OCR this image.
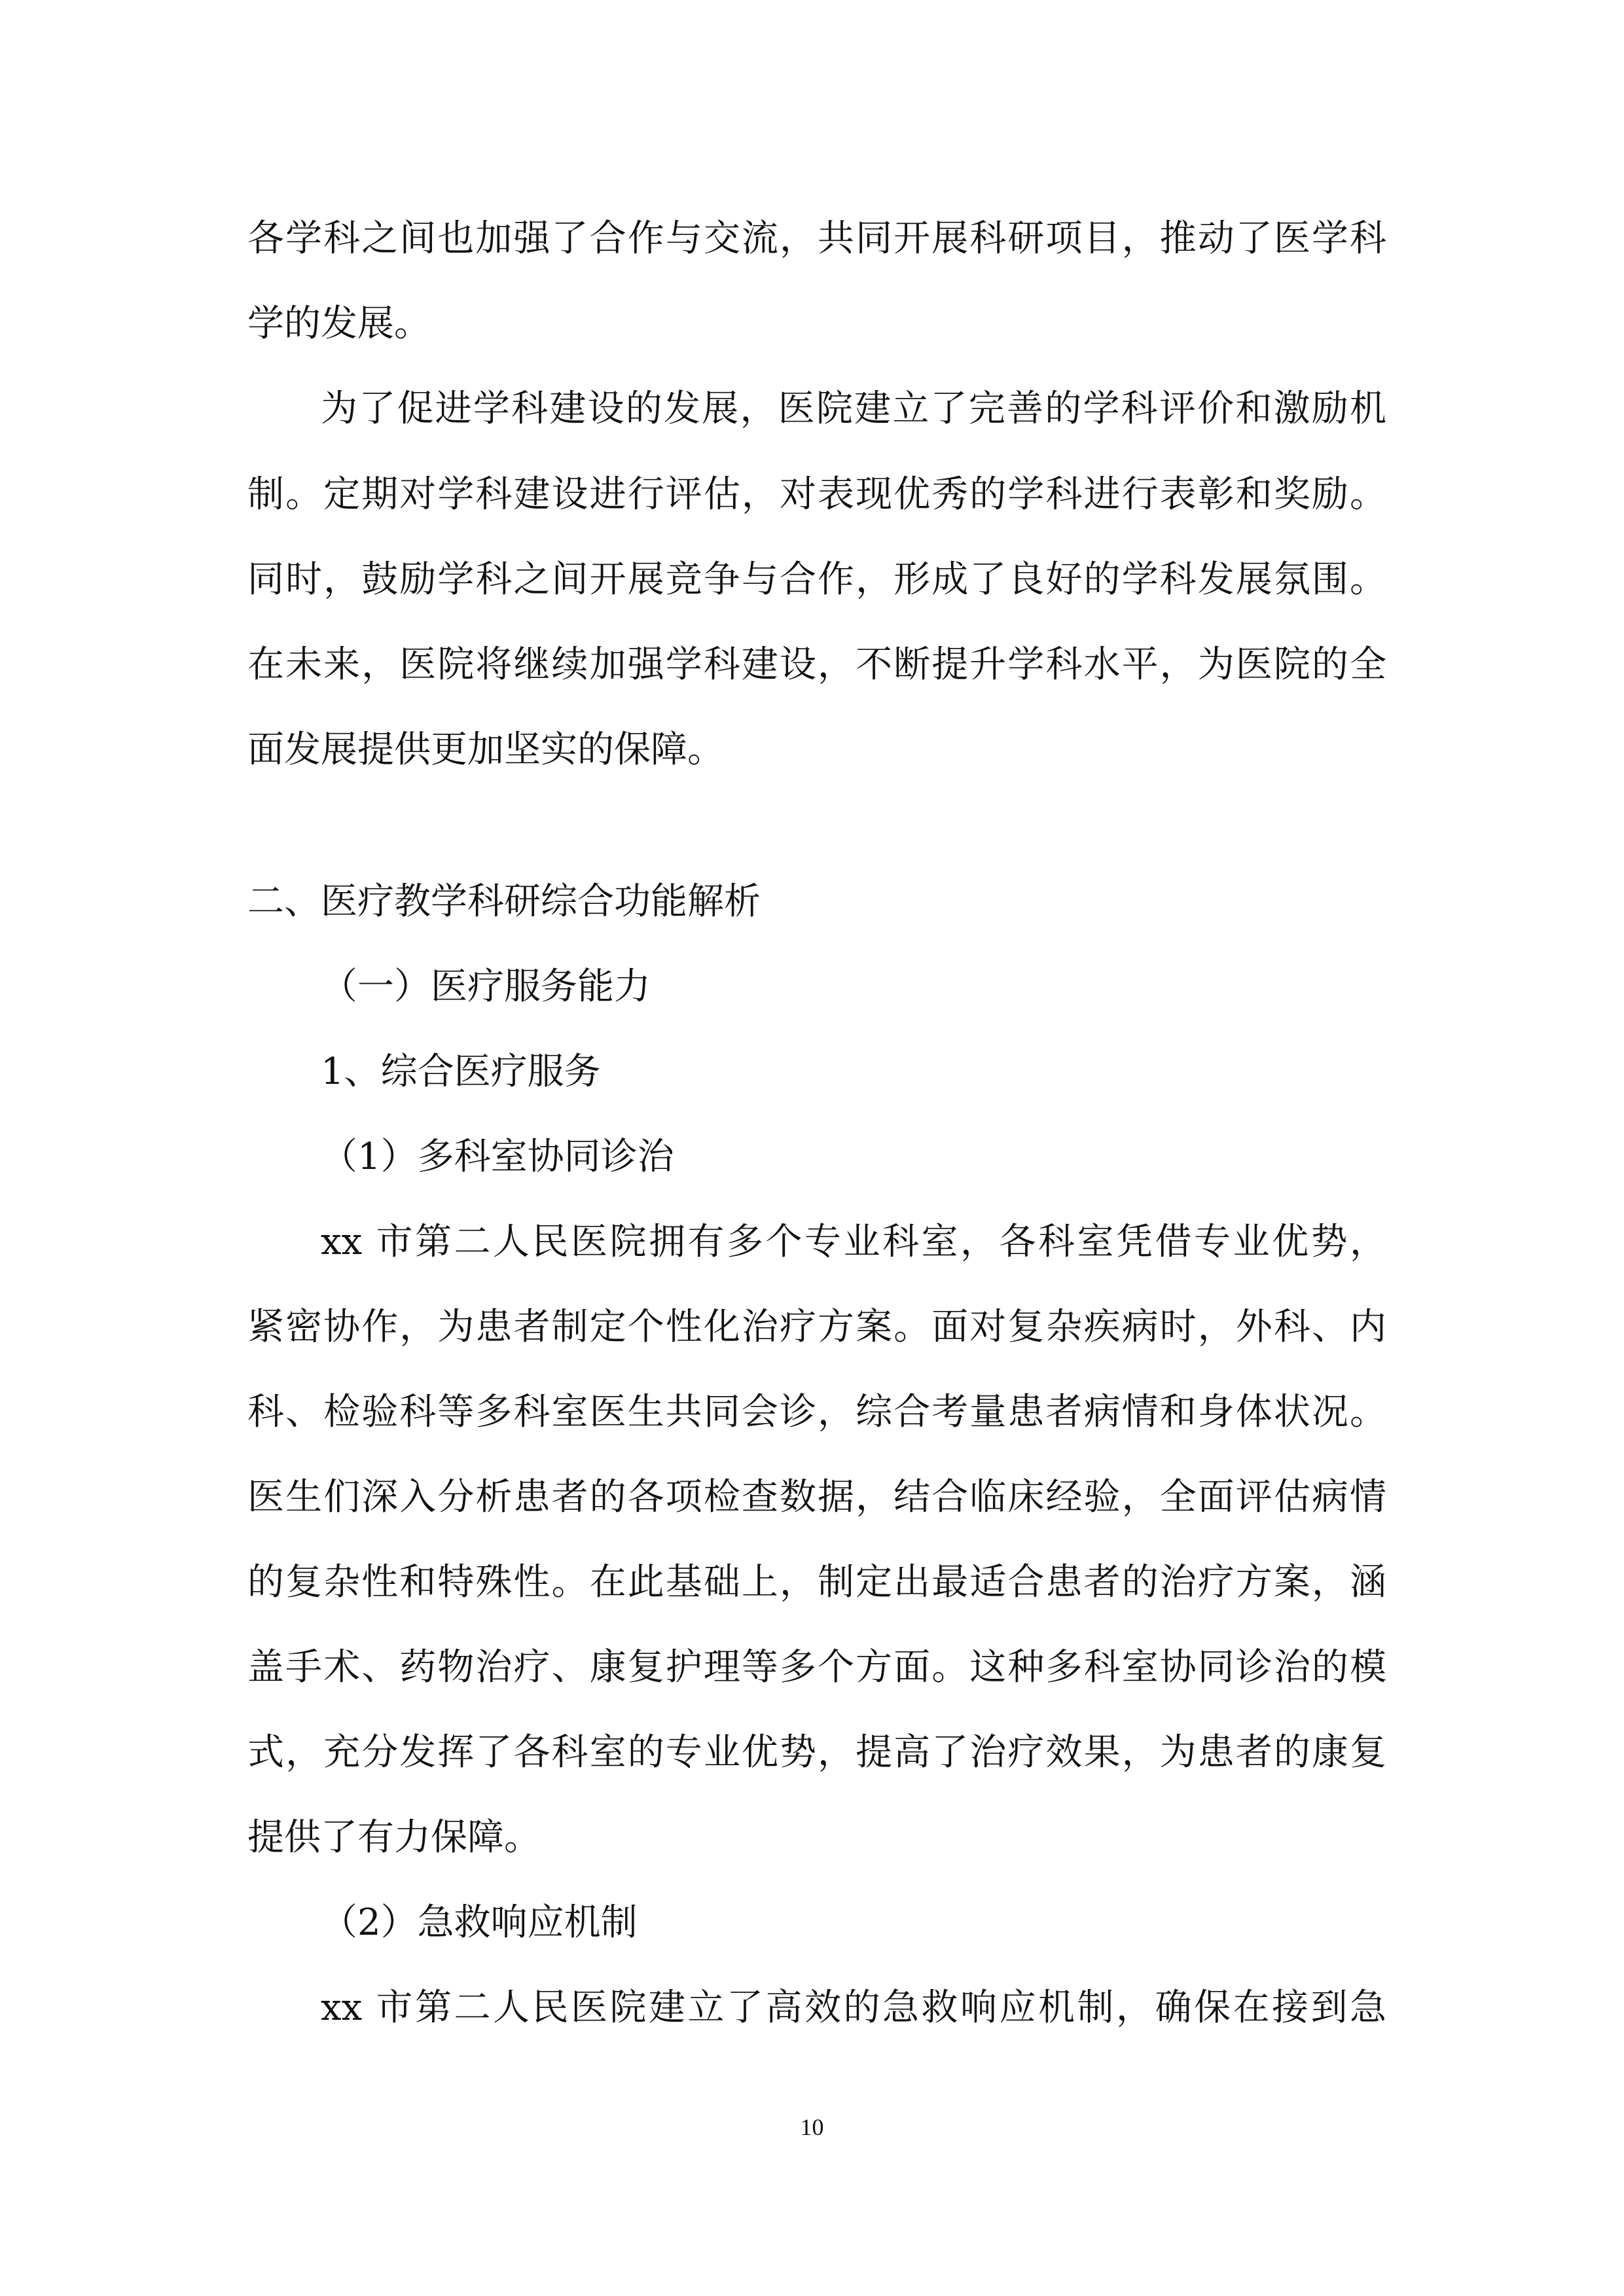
各学科之间也加强了合作与交流，共同开展科研项目，推动了医学科
学的发展。
为了促进学科建设的发展，医院建立了完善的学科评价和激励机
制。定期对学科建设进行评估，对表现优秀的学科进行表彰和奖励。
同时，鼓励学科之间开展竞争与合作，形成了良好的学科发展氛围。
在未来，医院将继续加强学科建设，不断提升学科水平，为医院的全
面发展提供更加坚实的保障。
二、医疗教学科研综合功能解析
（一）医疗服务能力
1、综合医疗服务
（1）多科室协同诊治
xx 市第二人民医院拥有多个专业科室，各科室凭借专业优势，
紧密协作，为患者制定个性化治疗方案。面对复杂疾病时，外科、内
科、检验科等多科室医生共同会诊，综合考量患者病情和身体状况。
医生们深入分析患者的各项检查数据，结合临床经验，全面评估病情
的复杂性和特殊性。在此基础上，制定出最适合患者的治疗方案，涵
盖手术、药物治疗、康复护理等多个方面。这种多科室协同诊治的模
式，充分发挥了各科室的专业优势，提高了治疗效果，为患者的康复
提供了有力保障。
（2）急救响应机制
xx 市第二人民医院建立了高效的急救响应机制，确保在接到急
10
